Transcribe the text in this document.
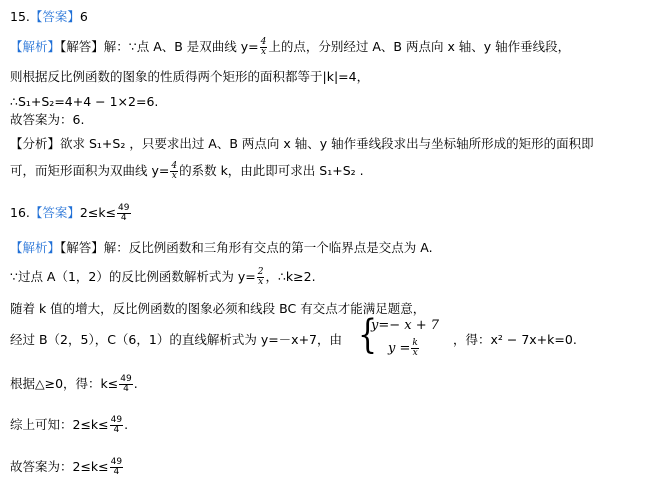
15.【答案】6
【解析】【解答】解：∵点 A、B 是双曲线 $y= \frac{4}{x}$ 上的点，分别经过 A、B 两点向 x 轴、y 轴作垂线段，
则根据反比例函数的图象的性质得两个矩形的面积都等于|k|=4，
∴S₁+S₂=4+4 − 1×2=6.
故答案为：6.
【分析】欲求 S₁+S₂ ，只要求出过 A、B 两点向 x 轴、y 轴作垂线段求出与坐标轴所形成的矩形的面积即
可，而矩形面积为双曲线 $y= \frac{4}{x}$ 的系数 k，由此即可求出 S₁+S₂ .
16.【答案】$2\le k\le \frac{49}{4}$
【解析】【解答】解：反比例函数和三角形有交点的第一个临界点是交点为 A.
∵过点 A（1，2）的反比例函数解析式为 $y= \frac{2}{x}$ ，∴k≥2.
随着 k 值的增大，反比例函数的图象必须和线段 BC 有交点才能满足题意，
经过 B（2，5），C（6，1）的直线解析式为 y=－x+7，由 {
y=− x + 7
$y = \frac{k}{x}$	，得：x² − 7x+k=0.
根据△≥0，得：$k\le \frac{49}{4}$ .
综上可知：$2\le k\le \frac{49}{4}$ .
故答案为：$2\le k\le \frac{49}{4}$
